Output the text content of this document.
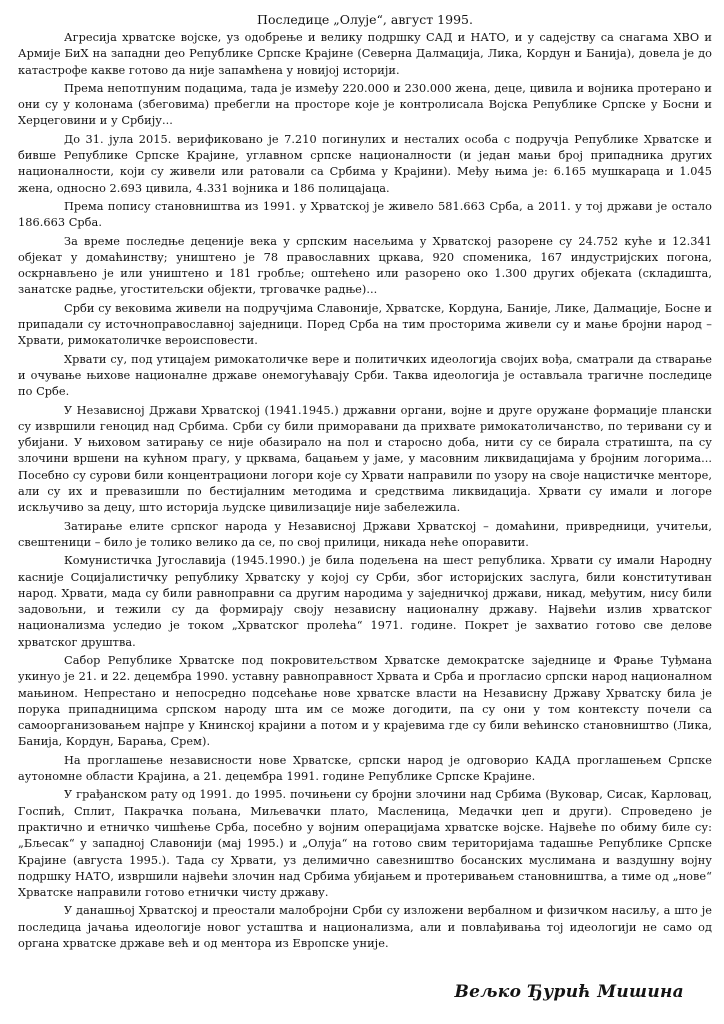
Последице „Олује“, август 1995.

Агресија хрватске војске, уз одобрење и велику подршку САД и НАТО, и у садејству са снагама ХВО и Армије БиХ на западни део Републике Српске Крајине (Северна Далмација, Лика, Кордун и Банија), довела је до катастрофе какве готово да није запамћена у новијој историји.

Према непотпуним подацима, тада је између 220.000 и 230.000 жена, деце, цивила и војника протерано и они су у колонама (збеговима) пребегли на просторе које је контролисала Војска Републике Српске у Босни и Херцеговини и у Србију...

До 31. јула 2015. верификовано је 7.210 погинулих и несталих особа с подручја Републике Хрватске и бивше Републике Српске Крајине, углавном српске националности (и један мањи број припадника других националности, који су живели или ратовали са Србима у Крајини). Међу њима је: 6.165 мушкараца и 1.045 жена, односно 2.693 цивила, 4.331 војника и 186 полицајаца.

Према попису становништва из 1991. у Хрватској је живело 581.663 Срба, а 2011. у тој држави је остало 186.663 Срба.

За време последње деценије века у српским насељима у Хрватској разорене су 24.752 куће и 12.341 објекат у домаћинству; уништено је 78 православних цркава, 920 споменика, 167 индустријских погона, оскрнављено је или уништено и 181 гробље; оштећено или разорено око 1.300 других објеката (складишта, занатске радње, угоститељски објекти, трговачке радње)...

Срби су вековима живели на подручјима Славоније, Хрватске, Кордуна, Баније, Лике, Далмације, Босне и припадали су источноправославној заједници. Поред Срба на тим просторима живели су и мање бројни народ – Хрвати, римокатоличке вероисповести.

Хрвати су, под утицајем римокатоличке вере и политичких идеологија својих вођа, сматрали да стварање и очување њихове националне државе онемогућавају Срби. Таква идеологија је остављала трагичне последице по Србе.

У Независној Држави Хрватској (1941.1945.) државни органи, војне и друге оружане формације плански су извршили геноцид над Србима. Срби су били приморавани да прихвате римокатоличанство, по теривани су и убијани. У њиховом затирању се није обазирало на пол и старосно доба, нити су се бирала стратишта, па су злочини вршени на кућном прагу, у црквама, бацањем у јаме, у масовним ликвидацијама у бројним логорима... Посебно су сурови били концентрациони логори које су Хрвати направили по узору на своје нацистичке менторе, али су их и превазишли по бестијалним методима и средствима ликвидација. Хрвати су имали и логоре искључиво за децу, што историја људске цивилизације није забележила.

Затирање елите српског народа у Независној Држави Хрватској – домаћини, привредници, учитељи, свештеници – било је толико велико да се, по свој прилици, никада неће опоравити.

Комунистичка Југославија (1945.1990.) је била подељена на шест република. Хрвати су имали Народну касније Социјалистичку републику Хрватску у којој су Срби, због историјских заслуга, били конститутиван народ. Хрвати, мада су били равноправни са другим народима у заједничкој држави, никад, међутим, нису били задовољни, и тежили су да формирају своју независну националну државу. Највећи излив хрватског национализма уследио је током „Хрватског пролећа“ 1971. године. Покрет је захватио готово све делове хрватског друштва.

Сабор Републике Хрватске под покровитељством Хрватске демократске заједнице и Фрање Туђмана укинуо је 21. и 22. децембра 1990. уставну равноправност Хрвата и Срба и прогласио српски народ националном мањином. Непрестано и непосредно подсећање нове хрватске власти на Независну Државу Хрватску била је порука припадницима српском народу шта им се може догодити, па су они у том контексту почели са самоорганизовањем најпре у Книнској крајини а потом и у крајевима где су били већинско становништво (Лика, Банија, Кордун, Барања, Срем).

На проглашење независности нове Хрватске, српски народ је одговорио КАДА проглашењем Српске аутономне области Крајина, а 21. децембра 1991. године Републике Српске Крајине.

У грађанском рату од 1991. до 1995. почињени су бројни злочини над Србима (Вуковар, Сисак, Карловац, Госпић, Сплит, Пакрачка пољана, Миљевачки плато, Масленица, Медачки џеп и други). Спроведено је практично и етничко чишћење Срба, посебно у војним операцијама хрватске војске. Највеће по обиму биле су: „Бљесак“ у западној Славонији (мај 1995.) и „Олуја“ на готово свим територијама тадашње Републике Српске Крајине (августа 1995.). Тада су Хрвати, уз делимично савезништво босанских муслимана и ваздушну војну подршку НАТО, извршили највећи злочин над Србима убијањем и протеривањем становништва, а тиме од „нове“ Хрватске направили готово етнички чисту државу.

У данашњој Хрватској и преостали малобројни Срби су изложени вербалном и физичком насиљу, а што је последица јачања идеологије новог усташтва и национализма, али и повлађивања тој идеологији не само од органа хрватске државе већ и од ментора из Европске уније.

Вељко Ђурић Мишина
